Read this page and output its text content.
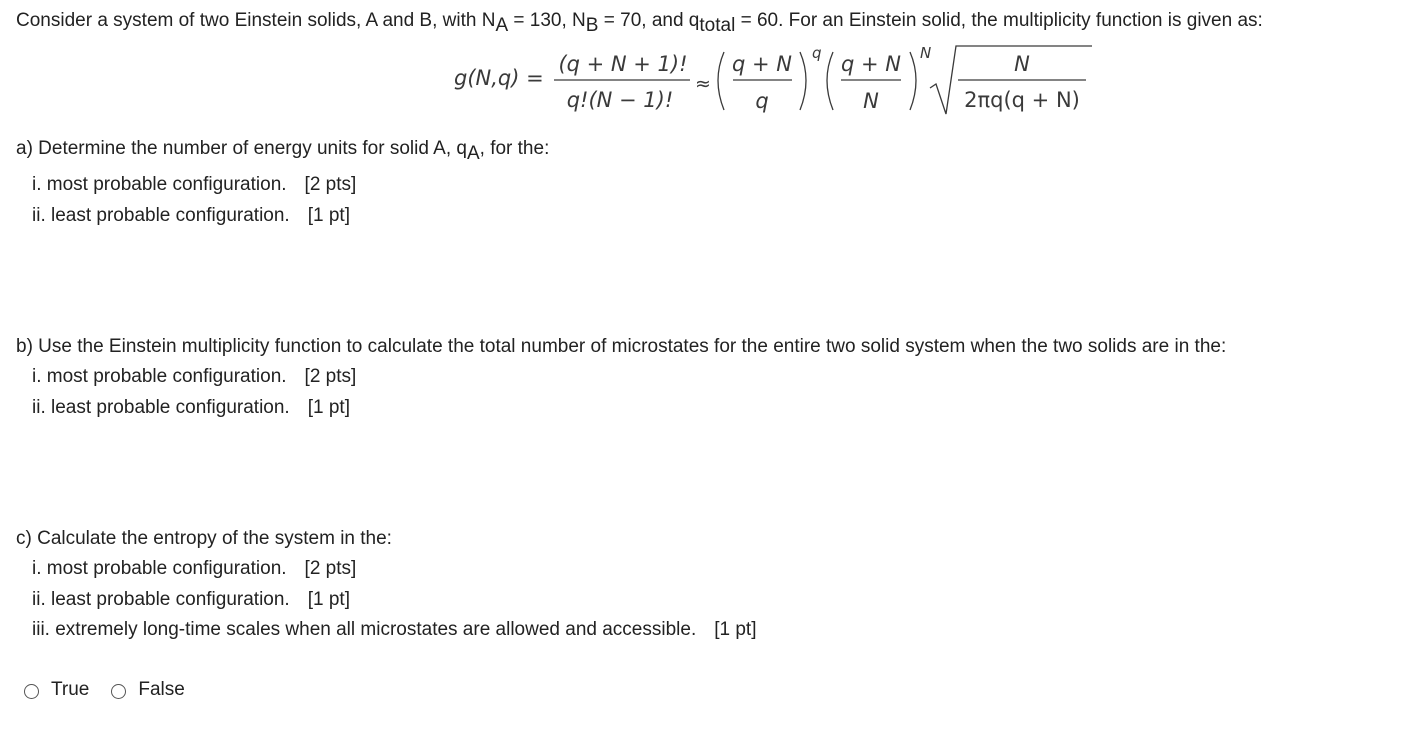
Consider a system of two Einstein solids, A and B, with $N_A = 130$, $N_B = 70$, and $q_{total} = 60$. For an Einstein solid, the multiplicity function is given as:
g(N,q) =
(q + N + 1)!
q!(N − 1)!
≈
q + N
q
q q + N
N
N	N
2πq(q + N)
a) Determine the number of energy units for solid A, $q_A$, for the:
i. most probable configuration. [2 pts]
ii. least probable configuration. [1 pt]
b) Use the Einstein multiplicity function to calculate the total number of microstates for the entire two solid system when the two solids are in the:
i. most probable configuration. [2 pts]
ii. least probable configuration. [1 pt]
c) Calculate the entropy of the system in the:
i. most probable configuration. [2 pts]
ii. least probable configuration. [1 pt]
iii. extremely long-time scales when all microstates are allowed and accessible. [1 pt]
True	False
